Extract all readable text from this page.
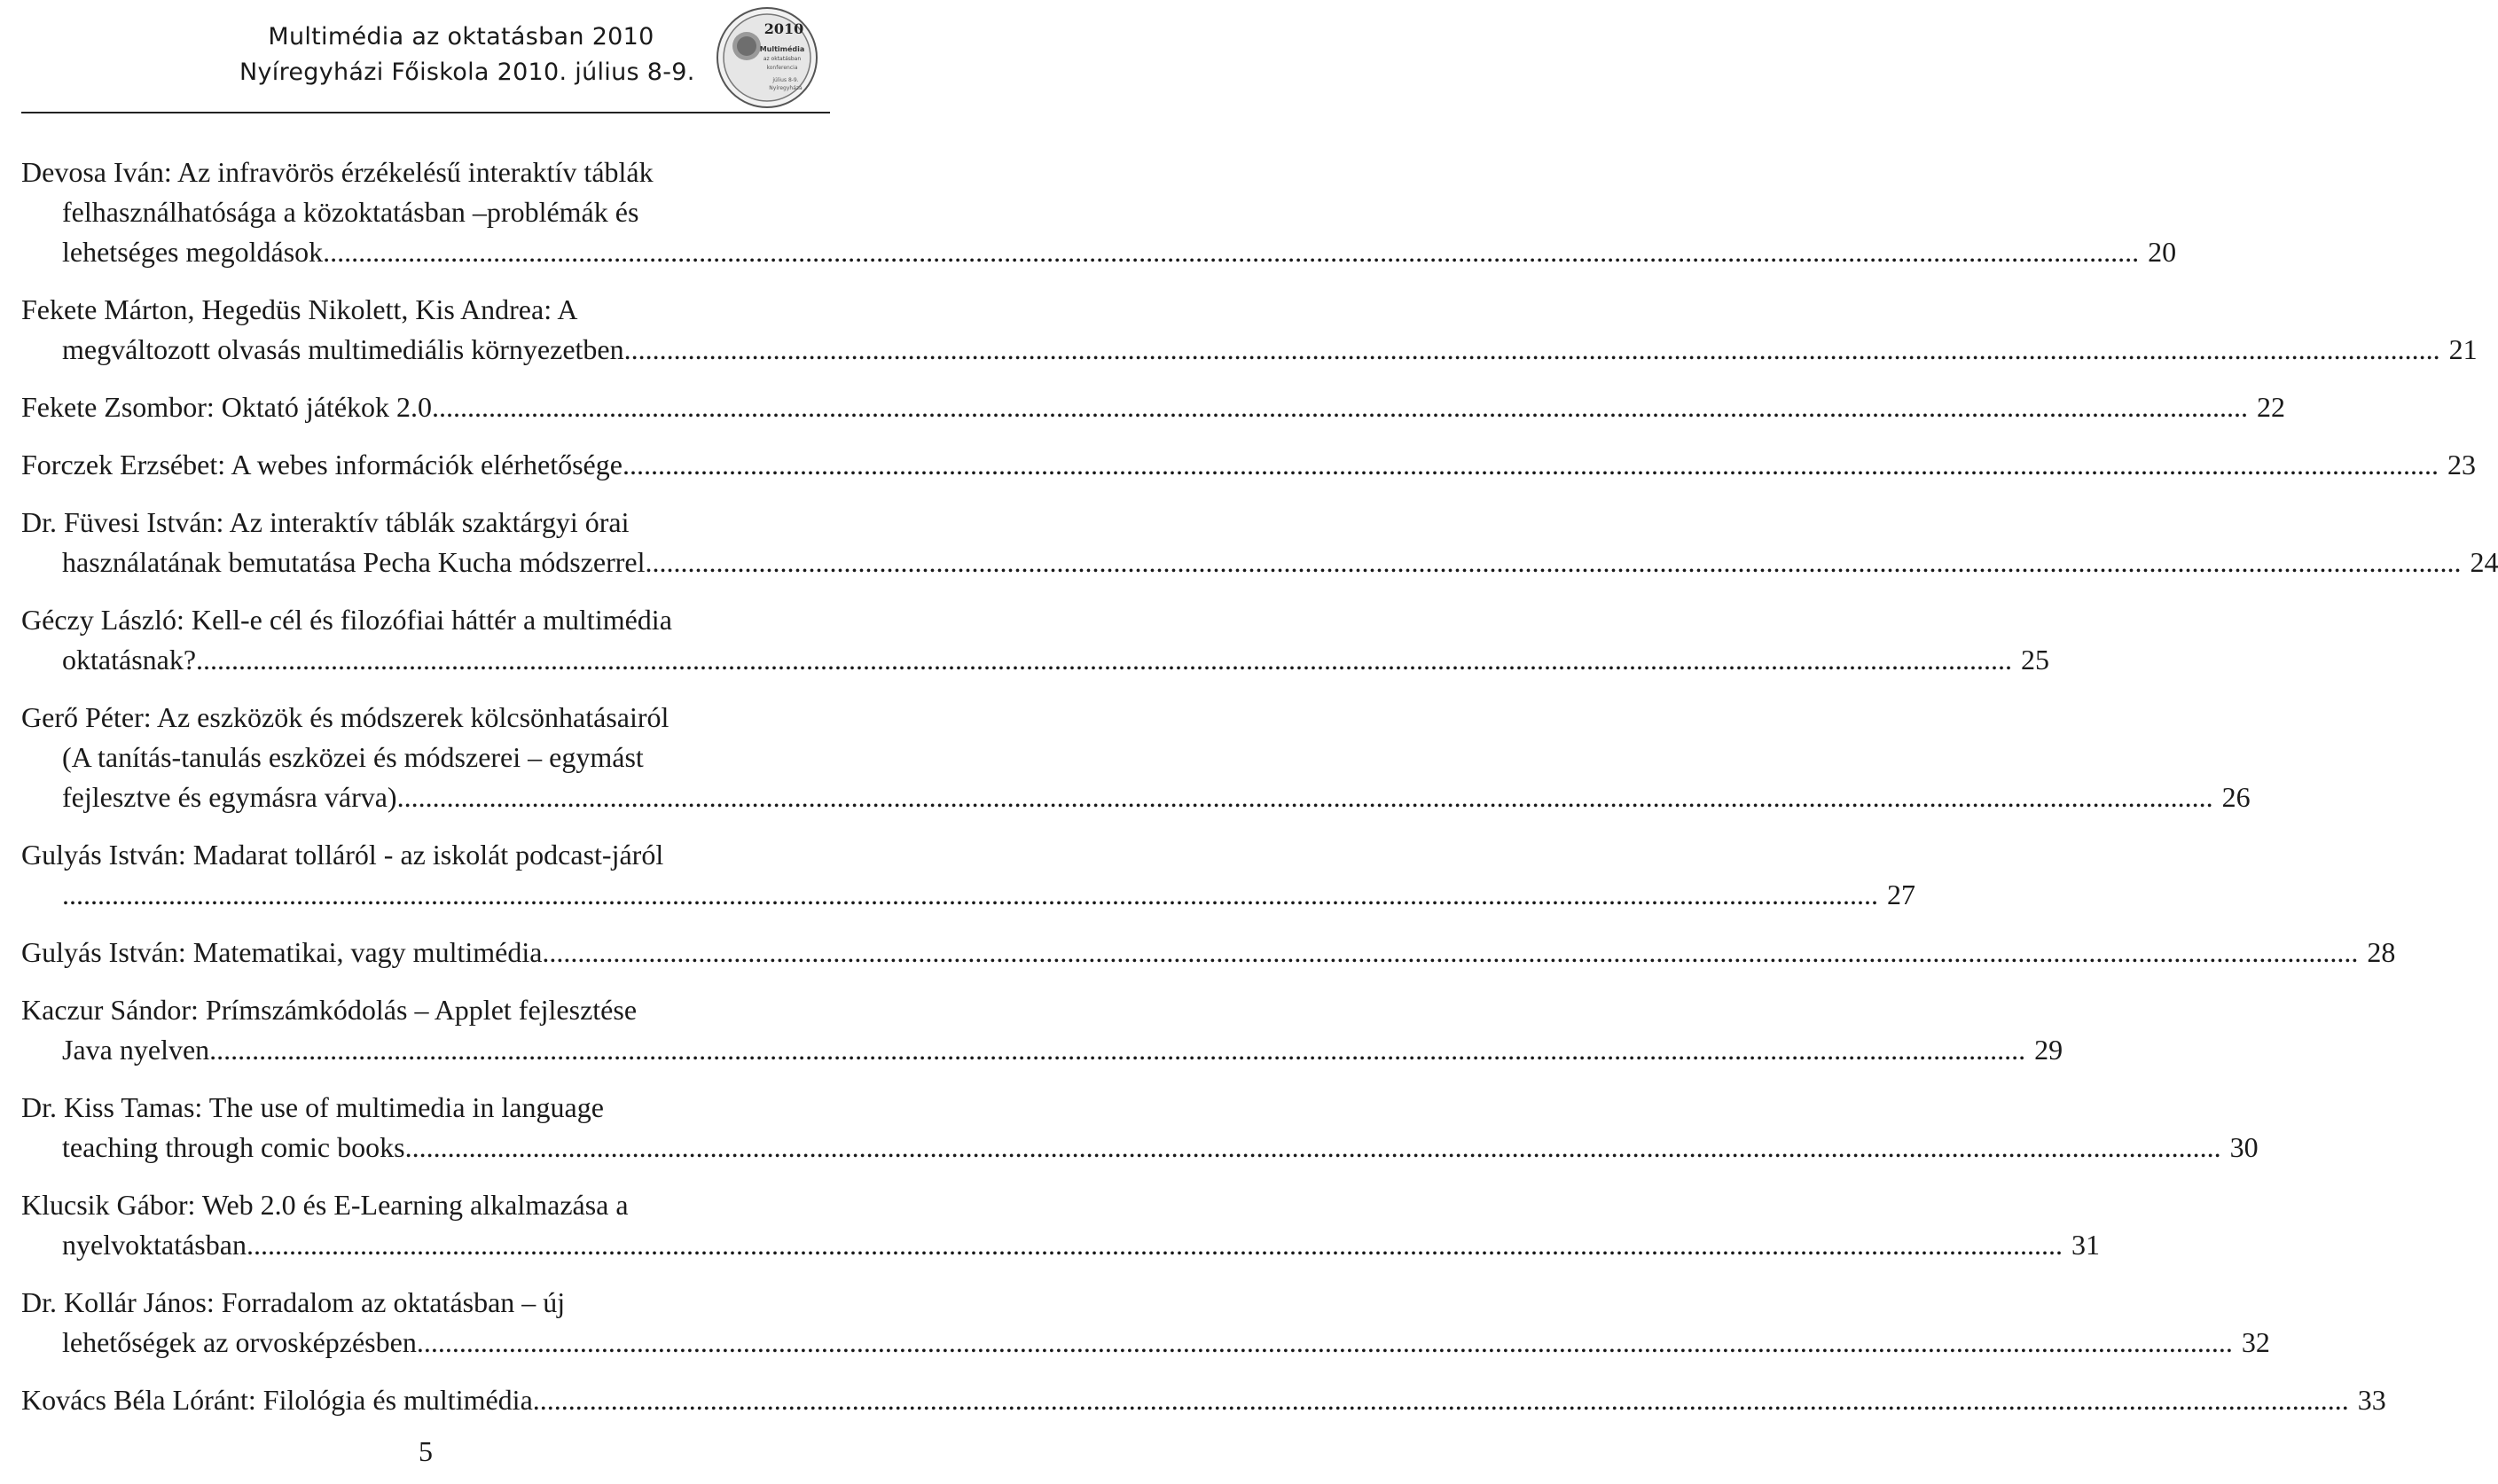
Multimédia az oktatásban 2010
Nyíregyházi Főiskola 2010. július 8-9.
2010
Multimédia
az oktatásban
konferencia
július 8-9.
Nyíregyháza
Devosa Iván: Az infravörös érzékelésű interaktív táblák
felhasználhatósága a közoktatásban –problémák és
lehetséges megoldások .....	20
Fekete Márton, Hegedüs Nikolett, Kis Andrea: A
megváltozott olvasás multimediális környezetben .....	21
Fekete Zsombor: Oktató játékok 2.0 .....	22
Forczek Erzsébet: A webes információk elérhetősége .....	23
Dr. Füvesi István: Az interaktív táblák szaktárgyi órai
használatának bemutatása Pecha Kucha módszerrel .....	24
Géczy László: Kell-e cél és filozófiai háttér a multimédia
oktatásnak? .....	25
Gerő Péter: Az eszközök és módszerek kölcsönhatásairól
(A tanítás-tanulás eszközei és módszerei – egymást
fejlesztve és egymásra várva) .....	26
Gulyás István: Madarat tolláról - az iskolát podcast-járól
..... 27
Gulyás István: Matematikai, vagy multimédia .....	28
Kaczur Sándor: Prímszámkódolás – Applet fejlesztése
Java nyelven .....	29
Dr. Kiss Tamas: The use of multimedia in language
teaching through comic books .....	30
Klucsik Gábor: Web 2.0 és E-Learning alkalmazása a
nyelvoktatásban .....	31
Dr. Kollár János: Forradalom az oktatásban – új
lehetőségek az orvosképzésben .....	32
Kovács Béla Lóránt: Filológia és multimédia .....	33
5
